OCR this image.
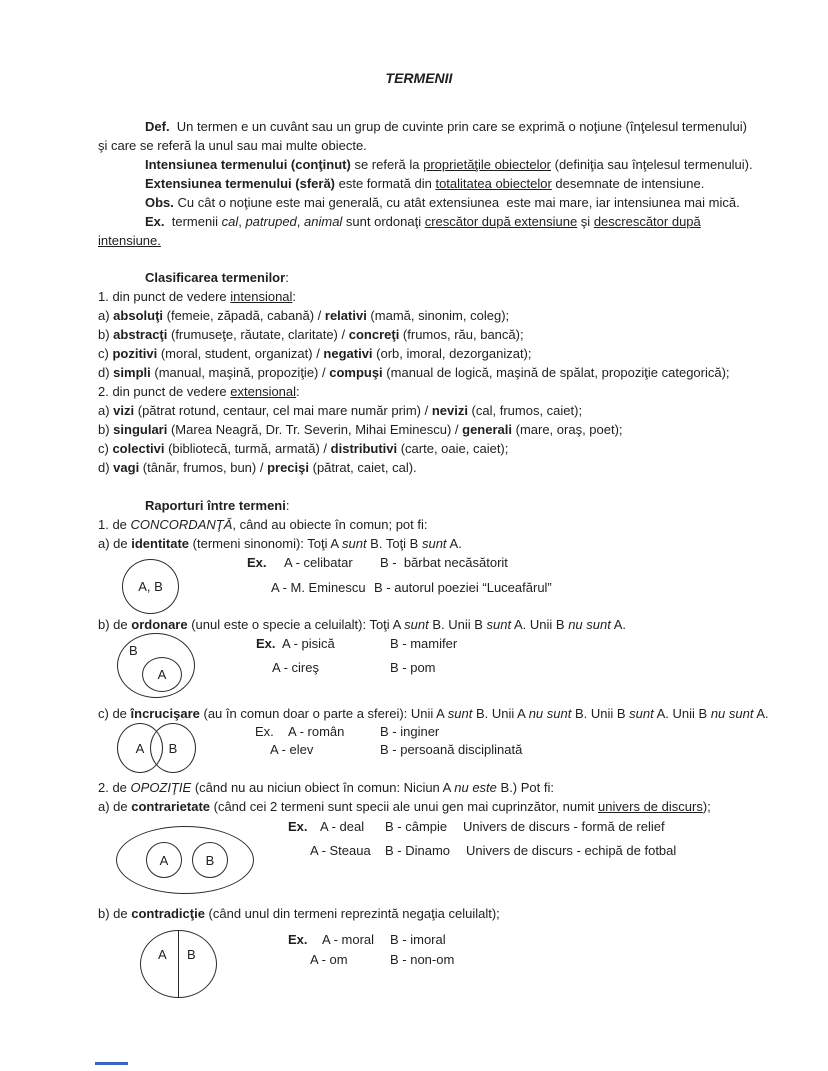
TERMENII
Def.  Un termen e un cuvânt sau un grup de cuvinte prin care se exprimă o noţiune (înţelesul termenului)
şi care se referă la unul sau mai multe obiecte.
Intensiunea termenului (conţinut) se referă la proprietăţile obiectelor (definiţia sau înţelesul termenului).
Extensiunea termenului (sferă) este formată din totalitatea obiectelor desemnate de intensiune.
Obs. Cu cât o noţiune este mai generală, cu atât extensiunea  este mai mare, iar intensiunea mai mică.
Ex.  termenii cal, patruped, animal sunt ordonaţi crescător după extensiune şi descrescător după
intensiune.
Clasificarea termenilor:
1. din punct de vedere intensional:
a) absoluţi (femeie, zăpadă, cabană) / relativi (mamă, sinonim, coleg);
b) abstracţi (frumuseţe, răutate, claritate) / concreţi (frumos, rău, bancă);
c) pozitivi (moral, student, organizat) / negativi (orb, imoral, dezorganizat);
d) simpli (manual, maşină, propoziţie) / compuşi (manual de logică, maşină de spălat, propoziţie categorică);
2. din punct de vedere extensional:
a) vizi (pătrat rotund, centaur, cel mai mare număr prim) / nevizi (cal, frumos, caiet);
b) singulari (Marea Neagră, Dr. Tr. Severin, Mihai Eminescu) / generali (mare, oraş, poet);
c) colectivi (bibliotecă, turmă, armată) / distributivi (carte, oaie, caiet);
d) vagi (tânăr, frumos, bun) / precişi (pătrat, caiet, cal).
Raporturi între termeni:
1. de CONCORDANŢĂ, când au obiecte în comun; pot fi:
a) de identitate (termeni sinonomi): Toţi A sunt B. Toţi B sunt A.
A, B
Ex. A - celibatar B -  bărbat necăsătorit
A - M. Eminescu B - autorul poeziei “Luceafărul”
b) de ordonare (unul este o specie a celuilalt): Toţi A sunt B. Unii B sunt A. Unii B nu sunt A.
B
A
Ex. A - pisică	B - mamifer
A - cireş	B - pom
c) de încrucişare (au în comun doar o parte a sferei): Unii A sunt B. Unii A nu sunt B. Unii B sunt A. Unii B nu sunt A.
A B
Ex. A - român	B - inginer
A - elev	B - persoană disciplinată
2. de OPOZIŢIE (când nu au niciun obiect în comun: Niciun A nu este B.) Pot fi:
a) de contrarietate (când cei 2 termeni sunt specii ale unui gen mai cuprinzător, numit univers de discurs);
A	B
Ex. A - deal B - câmpie Univers de discurs - formă de relief
A - Steaua B - Dinamo Univers de discurs - echipă de fotbal
b) de contradicţie (când unul din termeni reprezintă negaţia celuilalt);
A B
Ex. A - moral B - imoral
A - om	B - non-om
